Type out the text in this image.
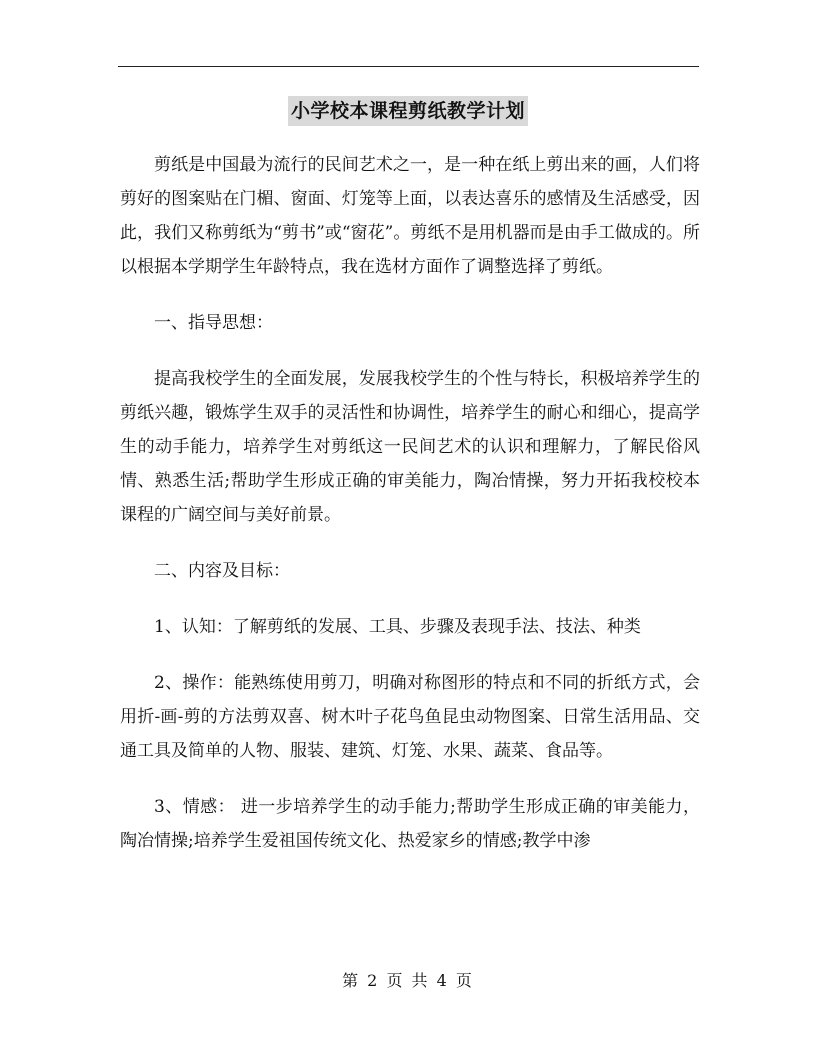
小学校本课程剪纸教学计划

剪纸是中国最为流行的民间艺术之一，是一种在纸上剪出来的画，人们将剪好的图案贴在门楣、窗面、灯笼等上面，以表达喜乐的感情及生活感受，因此，我们又称剪纸为“剪书”或“窗花”。剪纸不是用机器而是由手工做成的。所以根据本学期学生年龄特点，我在选材方面作了调整选择了剪纸。

一、指导思想：

提高我校学生的全面发展，发展我校学生的个性与特长，积极培养学生的剪纸兴趣，锻炼学生双手的灵活性和协调性，培养学生的耐心和细心，提高学生的动手能力，培养学生对剪纸这一民间艺术的认识和理解力，了解民俗风情、熟悉生活;帮助学生形成正确的审美能力，陶冶情操，努力开拓我校校本课程的广阔空间与美好前景。

二、内容及目标：

1、认知：了解剪纸的发展、工具、步骤及表现手法、技法、种类

2、操作：能熟练使用剪刀，明确对称图形的特点和不同的折纸方式，会用折-画-剪的方法剪双喜、树木叶子花鸟鱼昆虫动物图案、日常生活用品、交通工具及简单的人物、服装、建筑、灯笼、水果、蔬菜、食品等。

3、情感： 进一步培养学生的动手能力;帮助学生形成正确的审美能力，陶冶情操;培养学生爱祖国传统文化、热爱家乡的情感;教学中渗

第 2 页 共 4 页
